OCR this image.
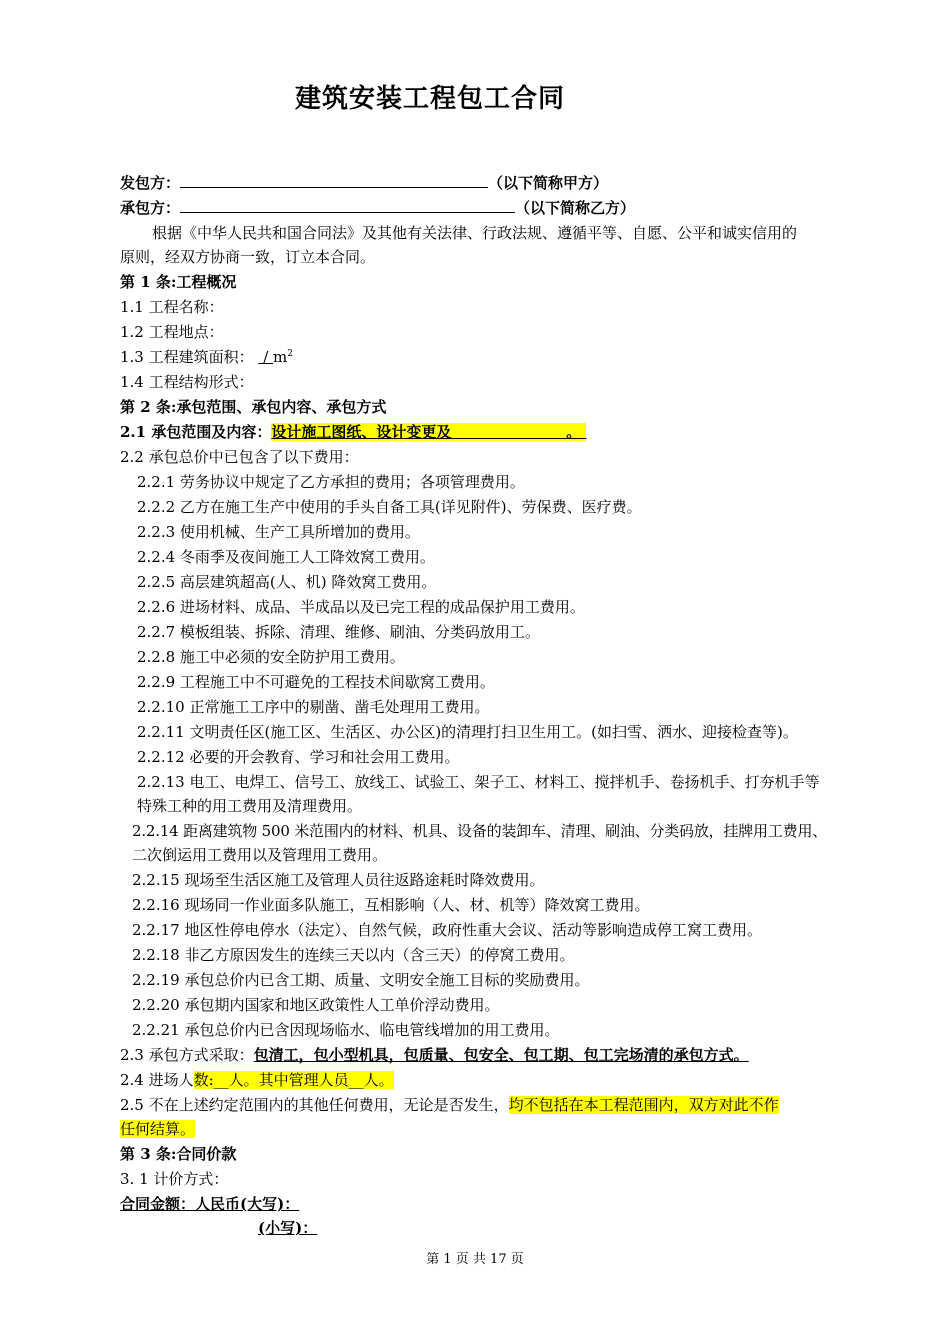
建筑安装工程包工合同
发包方：	（以下简称甲方）
承包方：	（以下简称乙方）
根据《中华人民共和国合同法》及其他有关法律、行政法规、遵循平等、自愿、公平和诚实信用的
原则，经双方协商一致，订立本合同。
第 1 条:工程概况
1.1 工程名称：
1.2 工程地点：
1.3 工程建筑面积： / $m^2$
1.4 工程结构形式：
第 2 条:承包范围、承包内容、承包方式
2.1 承包范围及内容：设计施工图纸、设计变更及	。
2.2 承包总价中已包含了以下费用：
2.2.1 劳务协议中规定了乙方承担的费用；各项管理费用。
2.2.2 乙方在施工生产中使用的手头自备工具(详见附件)、劳保费、医疗费。
2.2.3 使用机械、生产工具所增加的费用。
2.2.4 冬雨季及夜间施工人工降效窝工费用。
2.2.5 高层建筑超高(人、机) 降效窝工费用。
2.2.6 进场材料、成品、半成品以及已完工程的成品保护用工费用。
2.2.7 模板组装、拆除、清理、维修、刷油、分类码放用工。
2.2.8 施工中必须的安全防护用工费用。
2.2.9 工程施工中不可避免的工程技术间歇窝工费用。
2.2.10 正常施工工序中的剔凿、凿毛处理用工费用。
2.2.11 文明责任区(施工区、生活区、办公区)的清理打扫卫生用工。(如扫雪、洒水、迎接检查等)。
2.2.12 必要的开会教育、学习和社会用工费用。
2.2.13 电工、电焊工、信号工、放线工、试验工、架子工、材料工、搅拌机手、卷扬机手、打夯机手等
特殊工种的用工费用及清理费用。
2.2.14 距离建筑物 500 米范围内的材料、机具、设备的装卸车、清理、刷油、分类码放，挂牌用工费用、
二次倒运用工费用以及管理用工费用。
2.2.15 现场至生活区施工及管理人员往返路途耗时降效费用。
2.2.16 现场同一作业面多队施工，互相影响（人、材、机等）降效窝工费用。
2.2.17 地区性停电停水（法定）、自然气候，政府性重大会议、活动等影响造成停工窝工费用。
2.2.18 非乙方原因发生的连续三天以内（含三天）的停窝工费用。
2.2.19 承包总价内已含工期、质量、文明安全施工目标的奖励费用。
2.2.20 承包期内国家和地区政策性人工单价浮动费用。
2.2.21 承包总价内已含因现场临水、临电管线增加的用工费用。
2.3 承包方式采取：包清工，包小型机具，包质量、包安全、包工期、包工完场清的承包方式。
2.4 进场人数:__人。其中管理人员__人。
2.5 不在上述约定范围内的其他任何费用，无论是否发生，均不包括在本工程范围内，双方对此不作
任何结算。
第 3 条:合同价款
3. 1 计价方式：
合同金额：人民币(大写)：
(小写)：
第 1 页 共 17 页
